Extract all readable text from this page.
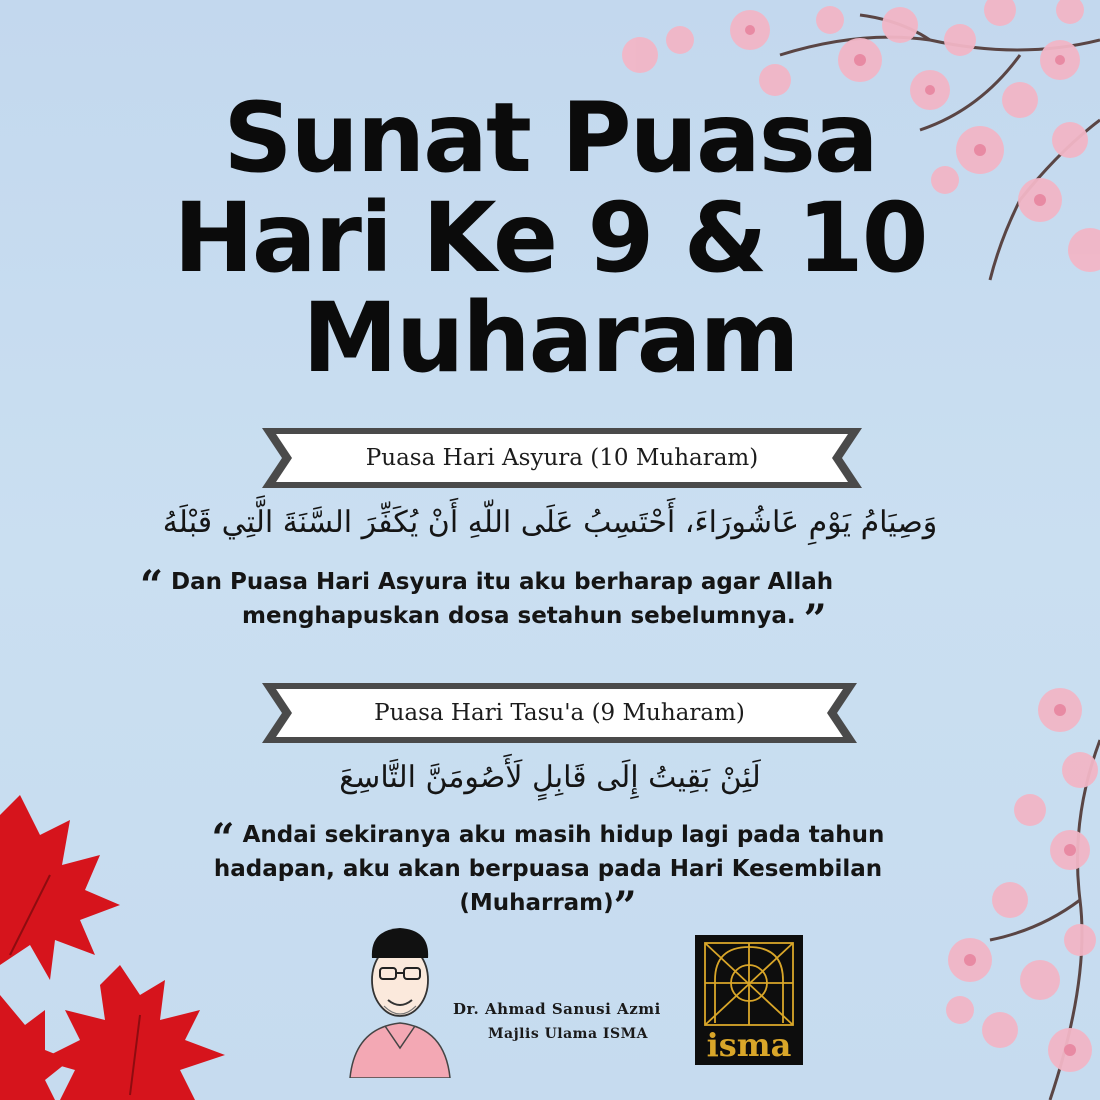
Sunat Puasa
Hari Ke 9 & 10
Muharam
Puasa Hari Asyura (10 Muharam)
وَصِيَامُ يَوْمِ عَاشُورَاءَ، أَحْتَسِبُ عَلَى اللّهِ أَنْ يُكَفِّرَ السَّنَةَ الَّتِي قَبْلَهُ
“ Dan Puasa Hari Asyura itu aku berharap agar Allah
menghapuskan dosa setahun sebelumnya. ”
Puasa Hari Tasu'a (9 Muharam)
لَئِنْ بَقِيتُ إِلَى قَابِلٍ لَأَصُومَنَّ التَّاسِعَ
“ Andai sekiranya aku masih hidup lagi pada tahun
hadapan, aku akan berpuasa pada Hari Kesembilan
(Muharram)”
Dr. Ahmad Sanusi Azmi
Majlis Ulama ISMA	isma
